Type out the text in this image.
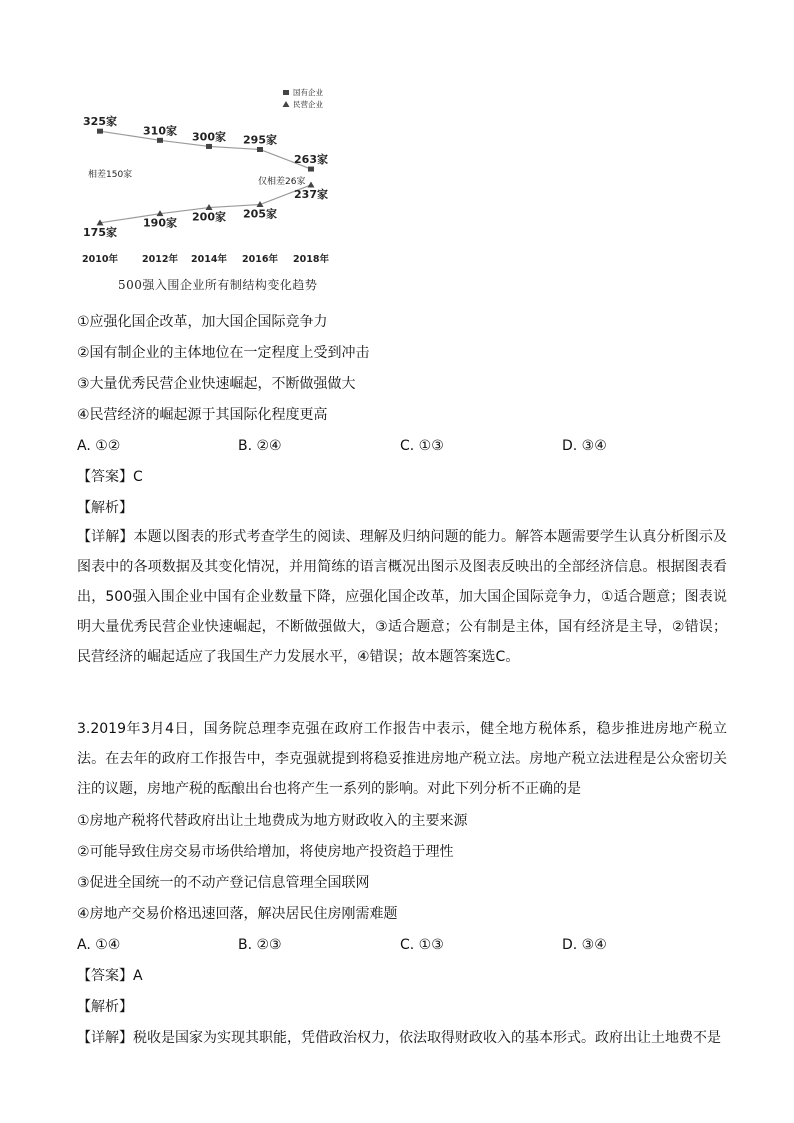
325家
310家 300家 295家
263家
175家
190家 200家 205家
237家
2010年	2012年 2014年 2016年 2018年
相差150家
仅相差26家
国有企业
民营企业
500强入围企业所有制结构变化趋势
①应强化国企改革，加大国企国际竞争力
②国有制企业的主体地位在一定程度上受到冲击
③大量优秀民营企业快速崛起，不断做强做大
④民营经济的崛起源于其国际化程度更高
A. ①②	B. ②④	C. ①③	D. ③④
【答案】C
【解析】
【详解】本题以图表的形式考查学生的阅读、理解及归纳问题的能力。解答本题需要学生认真分析图示及图表中的各项数据及其变化情况，并用简练的语言概况出图示及图表反映出的全部经济信息。根据图表看出，500强入围企业中国有企业数量下降，应强化国企改革，加大国企国际竞争力，①适合题意；图表说明大量优秀民营企业快速崛起，不断做强做大，③适合题意；公有制是主体，国有经济是主导，②错误；民营经济的崛起适应了我国生产力发展水平，④错误；故本题答案选C。
3.2019年3月4日，国务院总理李克强在政府工作报告中表示，健全地方税体系，稳步推进房地产税立法。在去年的政府工作报告中，李克强就提到将稳妥推进房地产税立法。房地产税立法进程是公众密切关注的议题，房地产税的酝酿出台也将产生一系列的影响。对此下列分析不正确的是
①房地产税将代替政府出让土地费成为地方财政收入的主要来源
②可能导致住房交易市场供给增加，将使房地产投资趋于理性
③促进全国统一的不动产登记信息管理全国联网
④房地产交易价格迅速回落，解决居民住房刚需难题
A. ①④	B. ②③	C. ①③	D. ③④
【答案】A
【解析】
【详解】税收是国家为实现其职能，凭借政治权力，依法取得财政收入的基本形式。政府出让土地费不是
